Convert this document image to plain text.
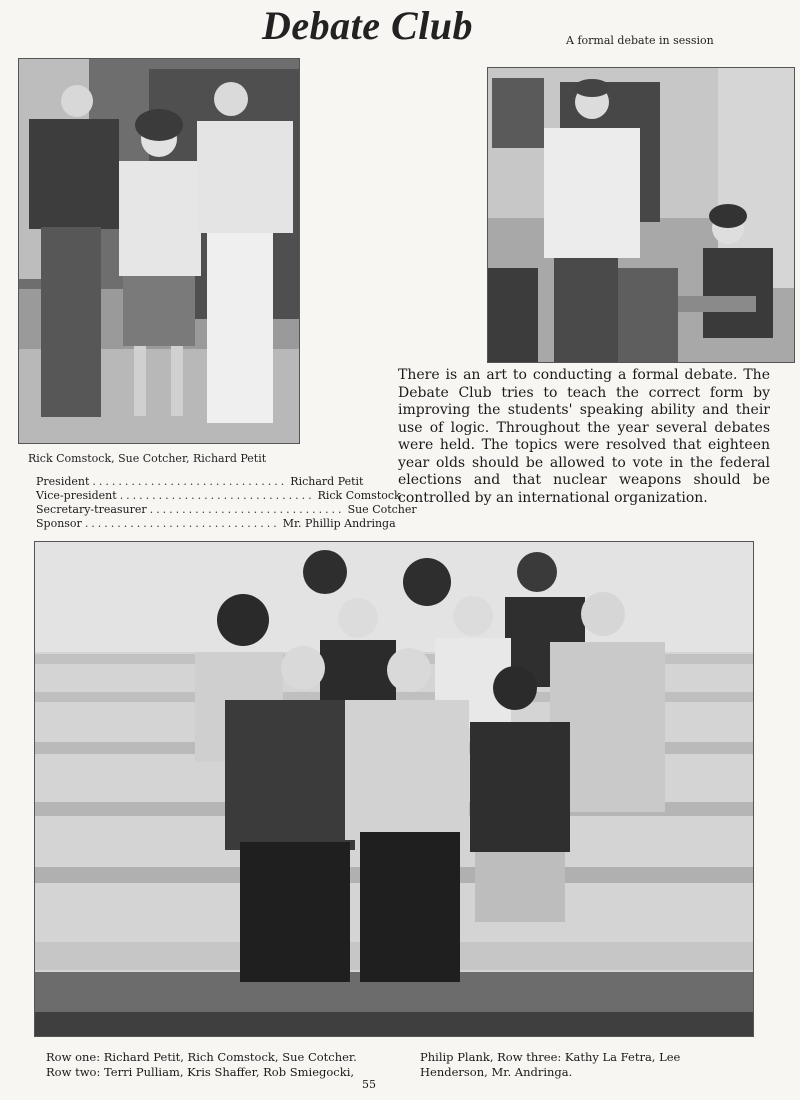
Debate Club	A formal debate in session
Rick Comstock, Sue Cotcher, Richard Petit
President .............................. Richard Petit
Vice-president .............................. Rick Comstock
Secretary-treasurer .............................. Sue Cotcher
Sponsor .............................. Mr. Phillip Andringa
There is an art to conducting a formal debate. The Debate Club tries to teach the correct form by improving the students' speaking ability and their use of logic. Throughout the year several debates were held. The topics were resolved that eighteen year olds should be allowed to vote in the federal elections and that nuclear weapons should be controlled by an international organization.
Row one: Richard Petit, Rich Comstock, Sue Cotcher.
Row two: Terri Pulliam, Kris Shaffer, Rob Smiegocki,
Philip Plank, Row three: Kathy La Fetra, Lee
Henderson, Mr. Andringa.
55
